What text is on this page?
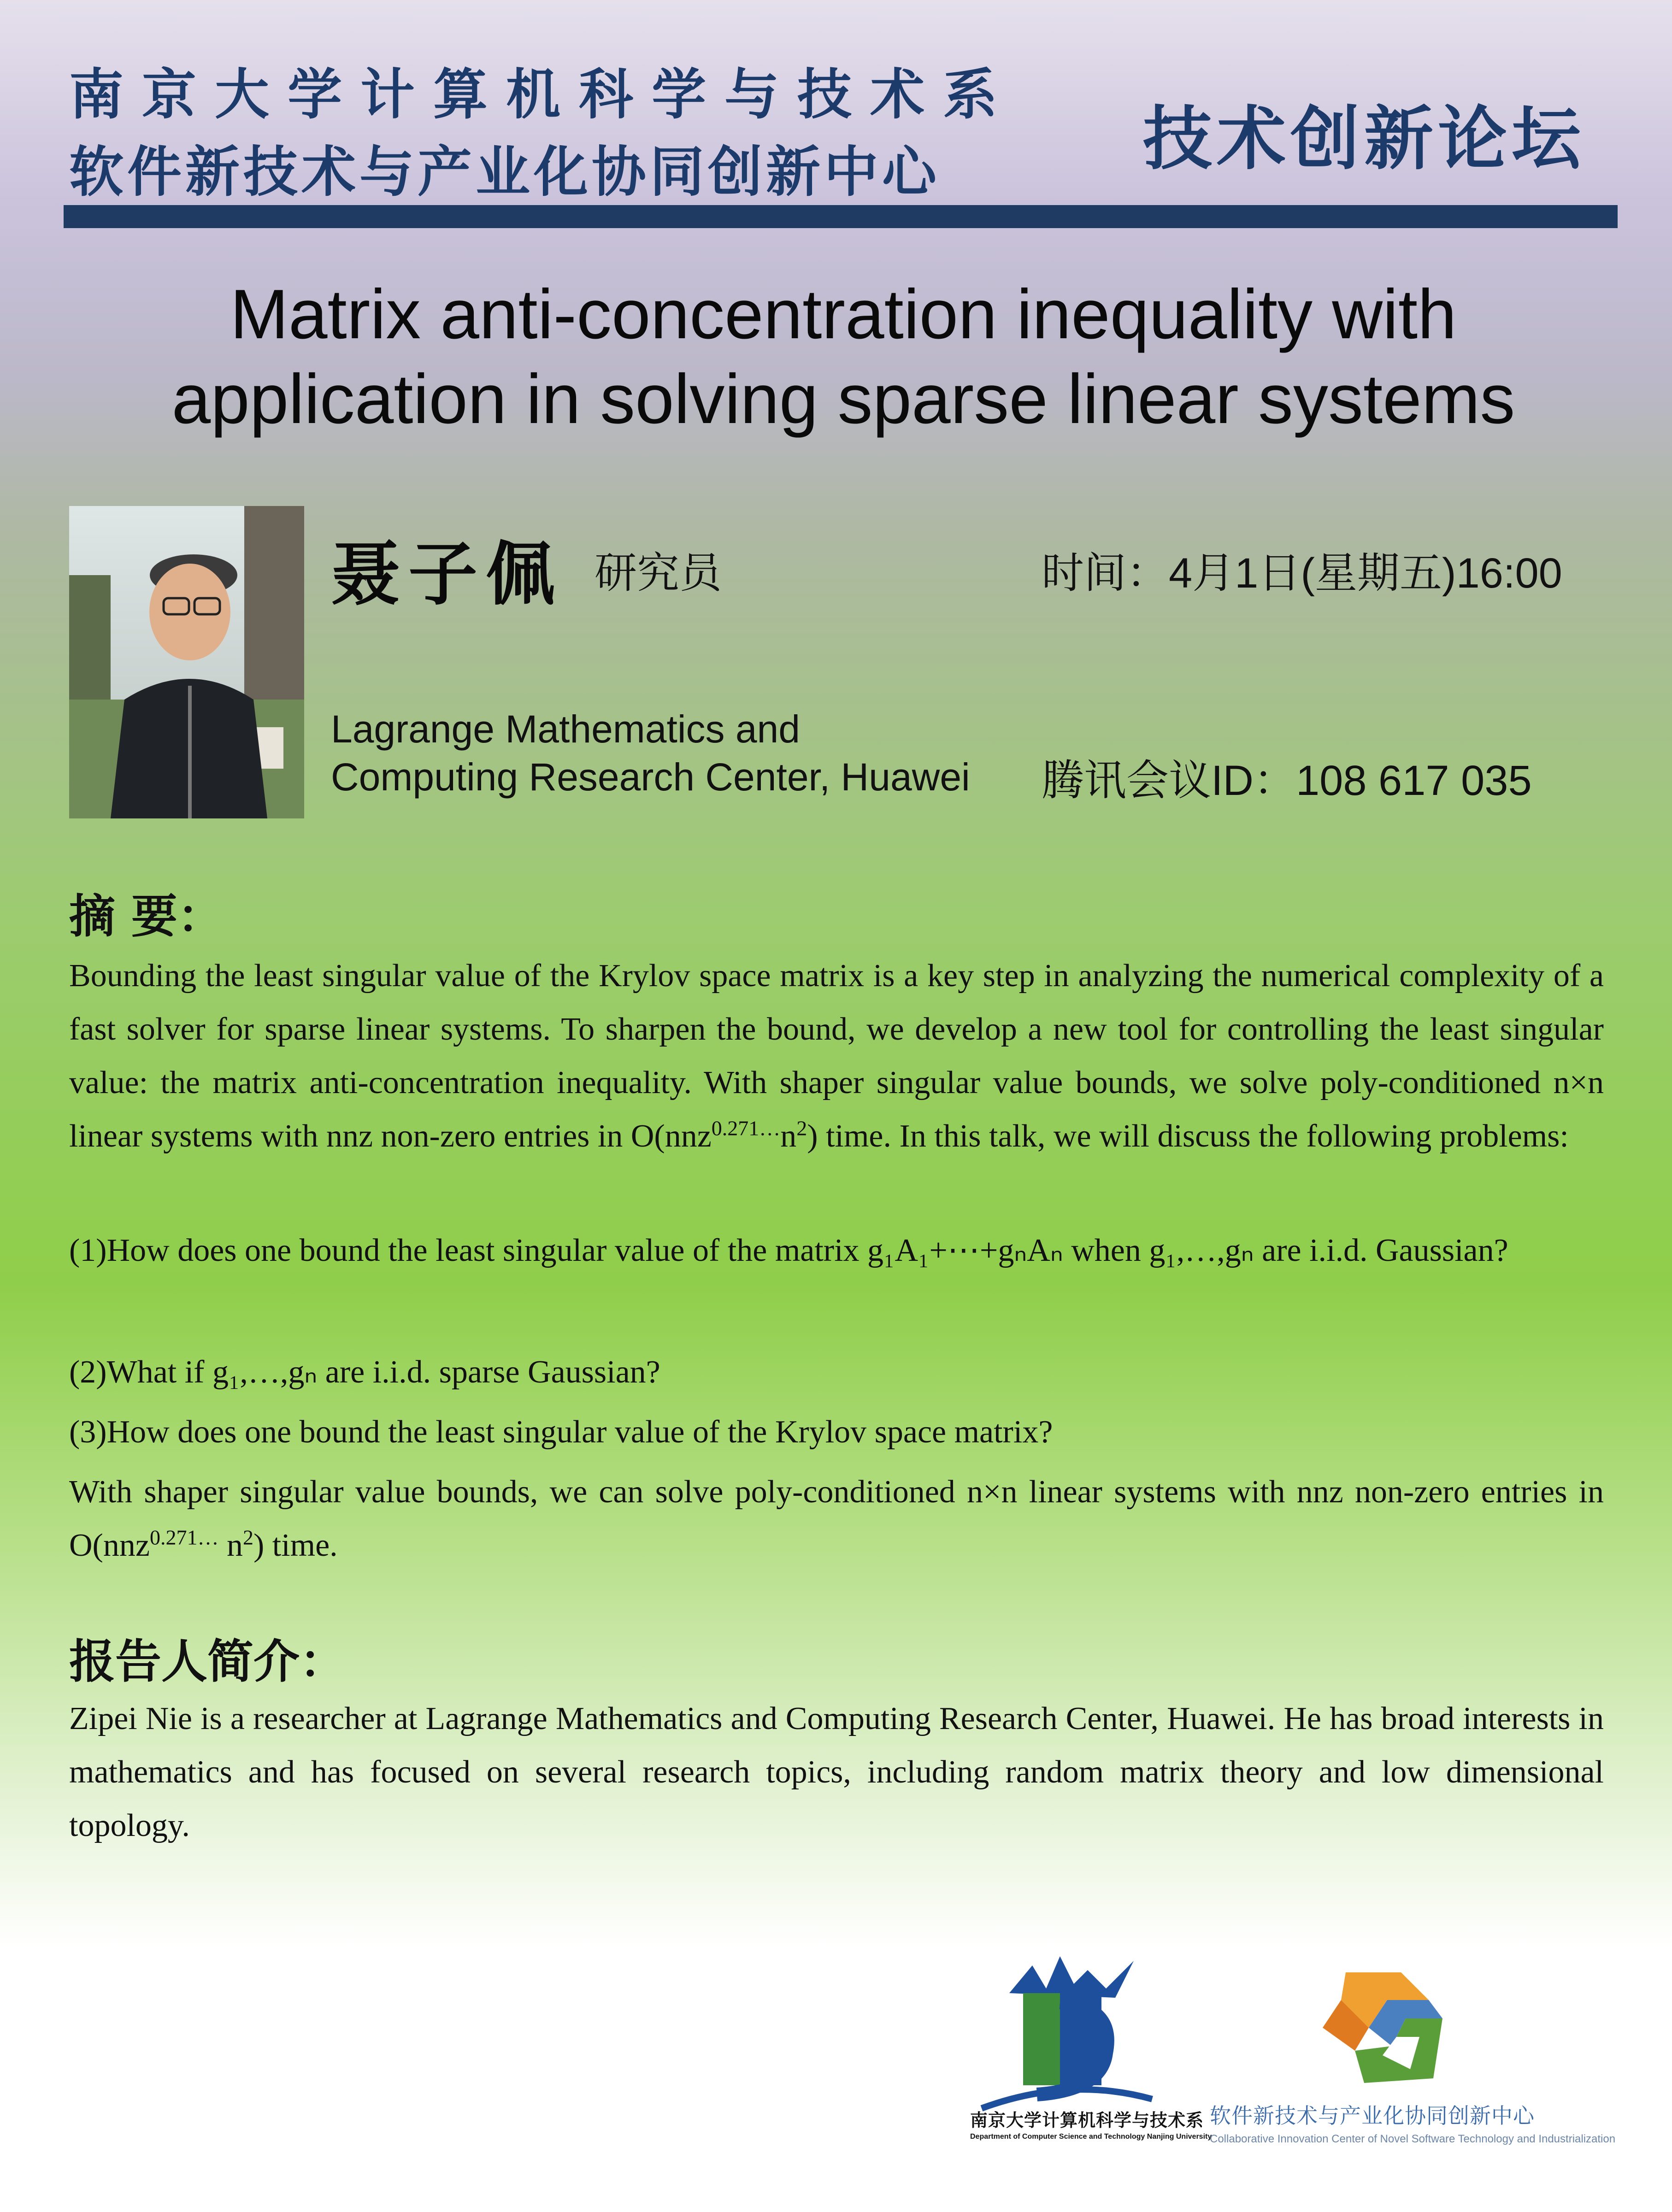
南京大学计算机科学与技术系
软件新技术与产业化协同创新中心	技术创新论坛
Matrix anti-concentration inequality with
application in solving sparse linear systems
聂子佩 研究员	时间：4月1日(星期五)16:00
Lagrange Mathematics and
Computing Research Center, Huawei 腾讯会议ID：108 617 035
摘 要：

Bounding the least singular value of the Krylov space matrix is a key step in analyzing the numerical complexity of a fast solver for sparse linear systems. To sharpen the bound, we develop a new tool for controlling the least singular value: the matrix anti-concentration inequality. With shaper singular value bounds, we solve poly-conditioned n×n linear systems with nnz non-zero entries in $O(nnz^{0.271\dots}n^2)$ time. In this talk, we will discuss the following problems:

(1)How does one bound the least singular value of the matrix g₁A₁+⋯+gₙAₙ when g₁,…,gₙ are i.i.d. Gaussian?
(2)What if g₁,…,gₙ are i.i.d. sparse Gaussian?
(3)How does one bound the least singular value of the Krylov space matrix?

With shaper singular value bounds, we can solve poly-conditioned n×n linear systems with nnz non-zero entries in O(nnz$^{0.271\dots}$ $n^2$) time.

报告人简介：
Zipei Nie is a researcher at Lagrange Mathematics and Computing Research Center, Huawei. He has broad interests in mathematics and has focused on several research topics, including random matrix theory and low dimensional topology.
南京大学计算机科学与技术系
Department of Computer Science and Technology Nanjing University
软件新技术与产业化协同创新中心
Collaborative Innovation Center of Novel Software Technology and Industrialization
